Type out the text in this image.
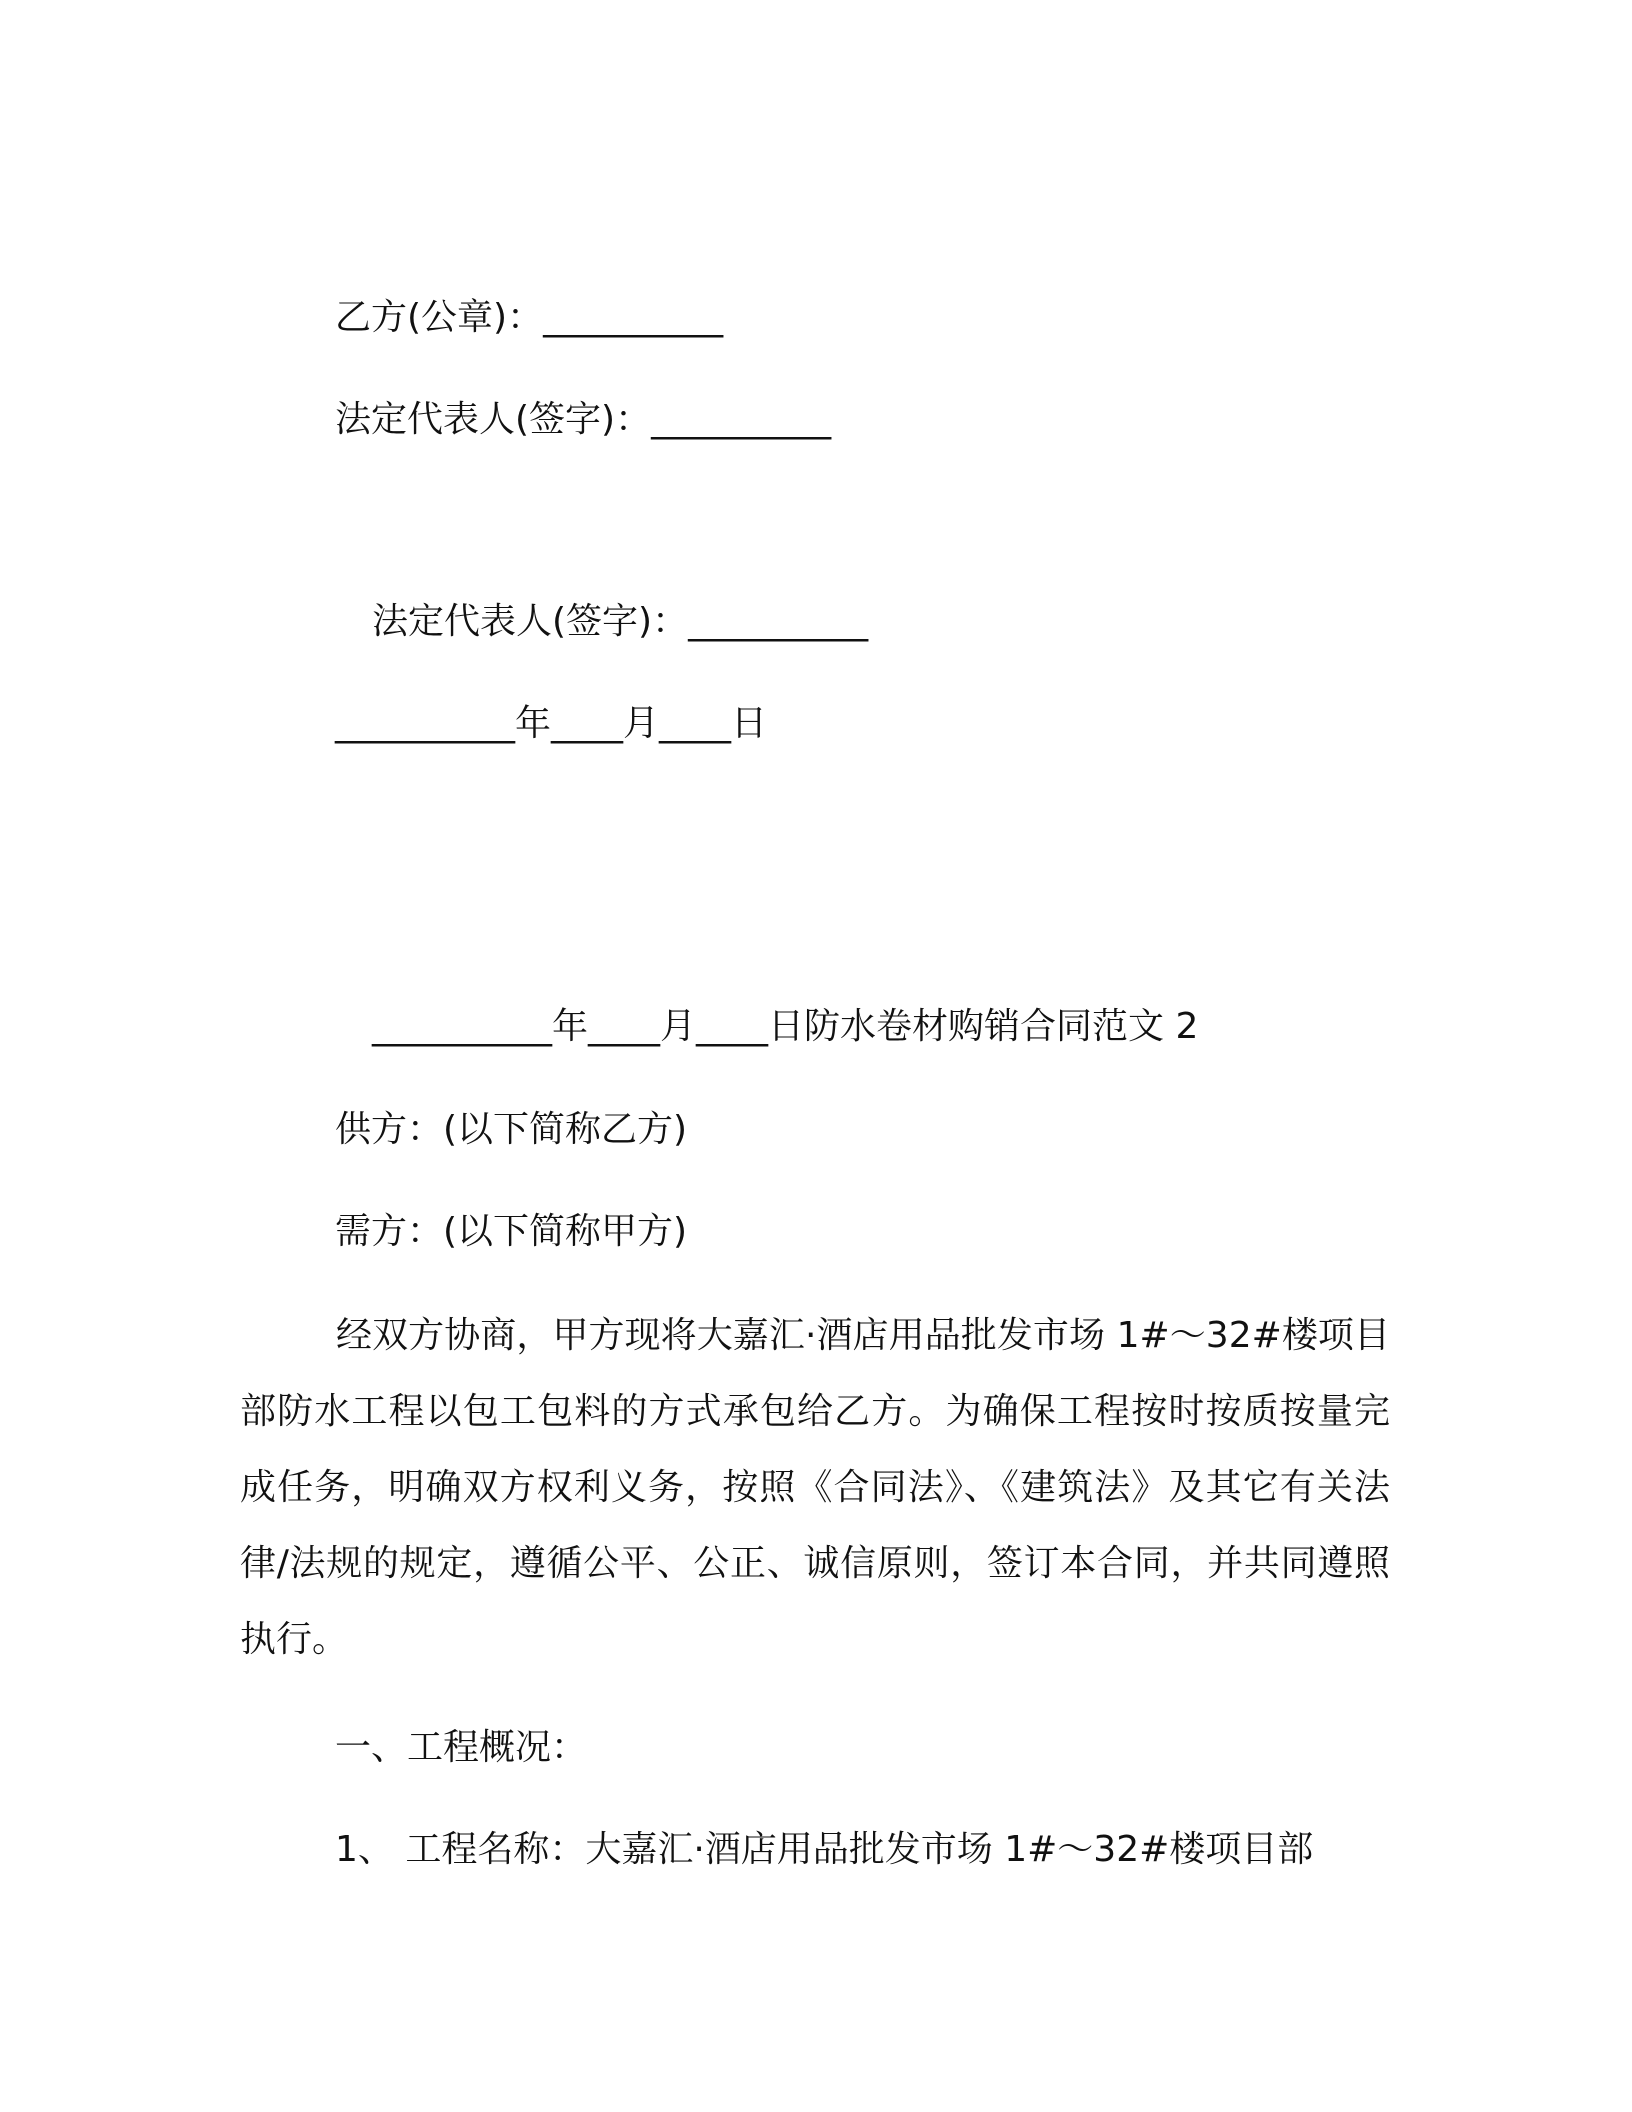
乙方(公章)：__________

法定代表人(签字)：__________

法定代表人(签字)：__________

__________年____月____日

__________年____月____日防水卷材购销合同范文 2

供方：(以下简称乙方)

需方：(以下简称甲方)

经双方协商，甲方现将大嘉汇·酒店用品批发市场 1#～32#楼项目部防水工程以包工包料的方式承包给乙方。为确保工程按时按质按量完成任务，明确双方权利义务，按照《合同法》、《建筑法》及其它有关法律/法规的规定，遵循公平、公正、诚信原则，签订本合同，并共同遵照执行。

一、工程概况：

1、 工程名称：大嘉汇·酒店用品批发市场 1#～32#楼项目部
